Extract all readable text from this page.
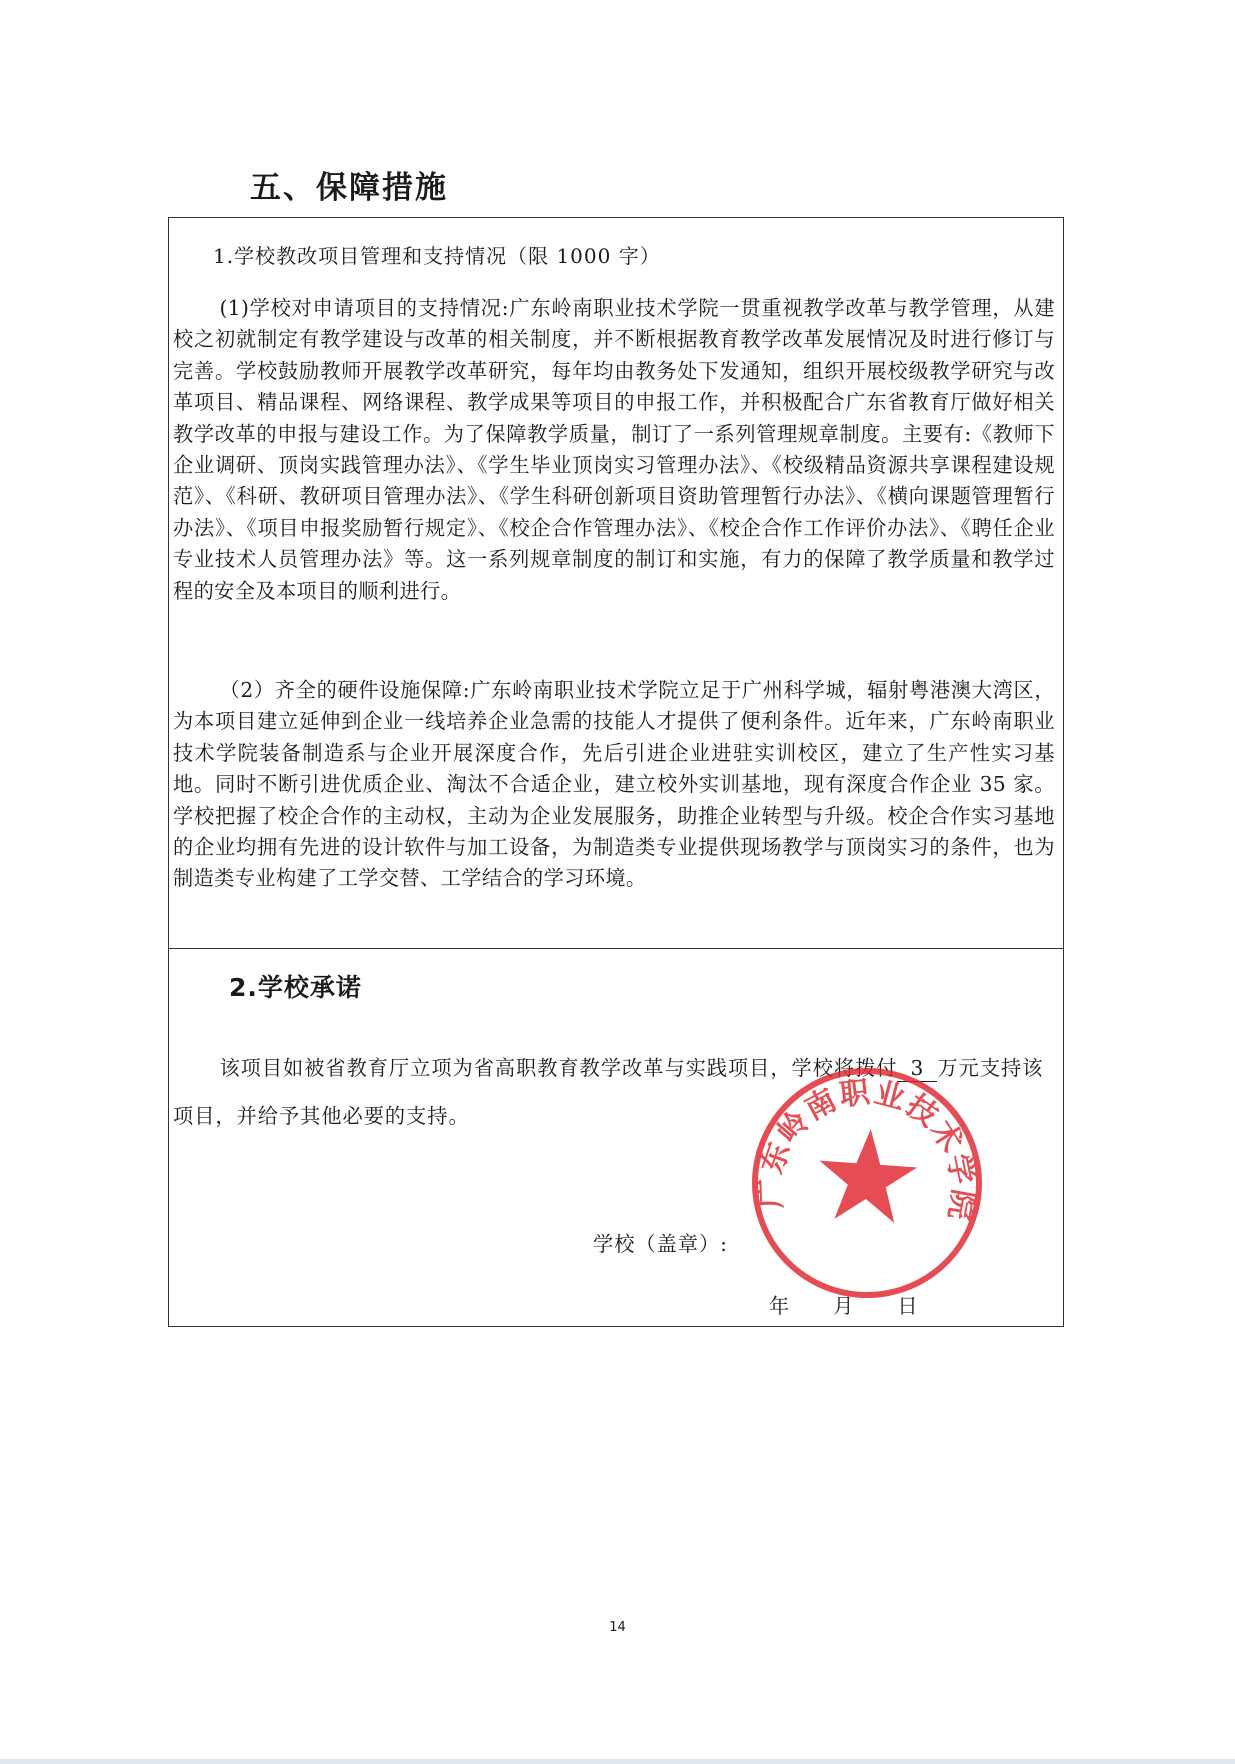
五、保障措施

1.学校教改项目管理和支持情况（限 1000 字）

(1)学校对申请项目的支持情况:广东岭南职业技术学院一贯重视教学改革与教学管理，从建校之初就制定有教学建设与改革的相关制度，并不断根据教育教学改革发展情况及时进行修订与完善。学校鼓励教师开展教学改革研究，每年均由教务处下发通知，组织开展校级教学研究与改革项目、精品课程、网络课程、教学成果等项目的申报工作，并积极配合广东省教育厅做好相关教学改革的申报与建设工作。为了保障教学质量，制订了一系列管理规章制度。主要有:《教师下企业调研、顶岗实践管理办法》、《学生毕业顶岗实习管理办法》、《校级精品资源共享课程建设规范》、《科研、教研项目管理办法》、《学生科研创新项目资助管理暂行办法》、《横向课题管理暂行办法》、《项目申报奖励暂行规定》、《校企合作管理办法》、《校企合作工作评价办法》、《聘任企业专业技术人员管理办法》等。这一系列规章制度的制订和实施，有力的保障了教学质量和教学过程的安全及本项目的顺利进行。

（2）齐全的硬件设施保障:广东岭南职业技术学院立足于广州科学城，辐射粤港澳大湾区，为本项目建立延伸到企业一线培养企业急需的技能人才提供了便利条件。近年来，广东岭南职业技术学院装备制造系与企业开展深度合作，先后引进企业进驻实训校区，建立了生产性实习基地。同时不断引进优质企业、淘汰不合适企业，建立校外实训基地，现有深度合作企业 35 家。学校把握了校企合作的主动权，主动为企业发展服务，助推企业转型与升级。校企合作实习基地的企业均拥有先进的设计软件与加工设备，为制造类专业提供现场教学与顶岗实习的条件，也为制造类专业构建了工学交替、工学结合的学习环境。

2.学校承诺

该项目如被省教育厅立项为省高职教育教学改革与实践项目，学校将拨付 3 万元支持该项目，并给予其他必要的支持。

广东岭南职业技术学院

学校（盖章）:

年 月 日

14
